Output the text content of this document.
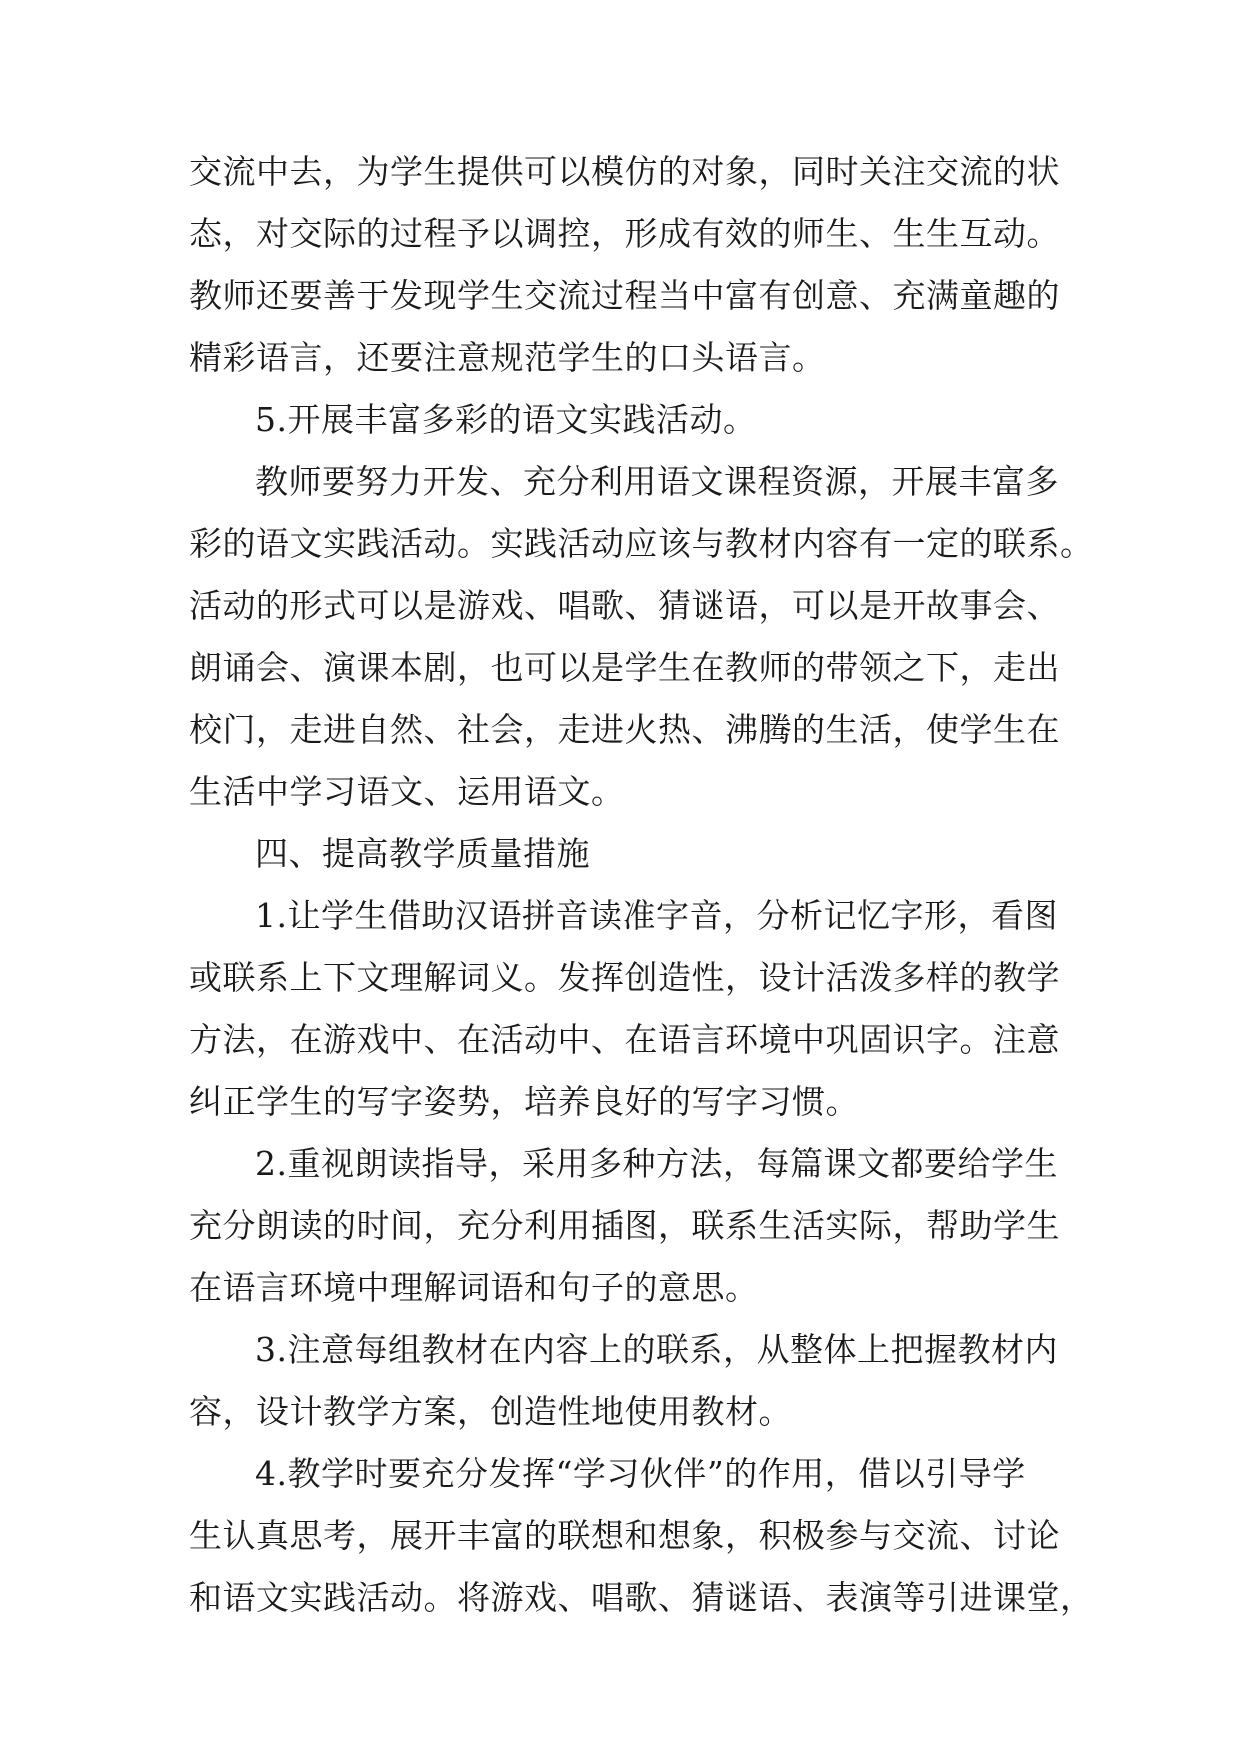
交流中去，为学生提供可以模仿的对象，同时关注交流的状
态，对交际的过程予以调控，形成有效的师生、生生互动。
教师还要善于发现学生交流过程当中富有创意、充满童趣的
精彩语言，还要注意规范学生的口头语言。
5.开展丰富多彩的语文实践活动。
教师要努力开发、充分利用语文课程资源，开展丰富多
彩的语文实践活动。实践活动应该与教材内容有一定的联系。
活动的形式可以是游戏、唱歌、猜谜语，可以是开故事会、
朗诵会、演课本剧，也可以是学生在教师的带领之下，走出
校门，走进自然、社会，走进火热、沸腾的生活，使学生在
生活中学习语文、运用语文。
四、提高教学质量措施
1.让学生借助汉语拼音读准字音，分析记忆字形，看图
或联系上下文理解词义。发挥创造性，设计活泼多样的教学
方法，在游戏中、在活动中、在语言环境中巩固识字。注意
纠正学生的写字姿势，培养良好的写字习惯。
2.重视朗读指导，采用多种方法，每篇课文都要给学生
充分朗读的时间，充分利用插图，联系生活实际，帮助学生
在语言环境中理解词语和句子的意思。
3.注意每组教材在内容上的联系，从整体上把握教材内
容，设计教学方案，创造性地使用教材。
4.教学时要充分发挥“学习伙伴”的作用，借以引导学
生认真思考，展开丰富的联想和想象，积极参与交流、讨论
和语文实践活动。将游戏、唱歌、猜谜语、表演等引进课堂，
